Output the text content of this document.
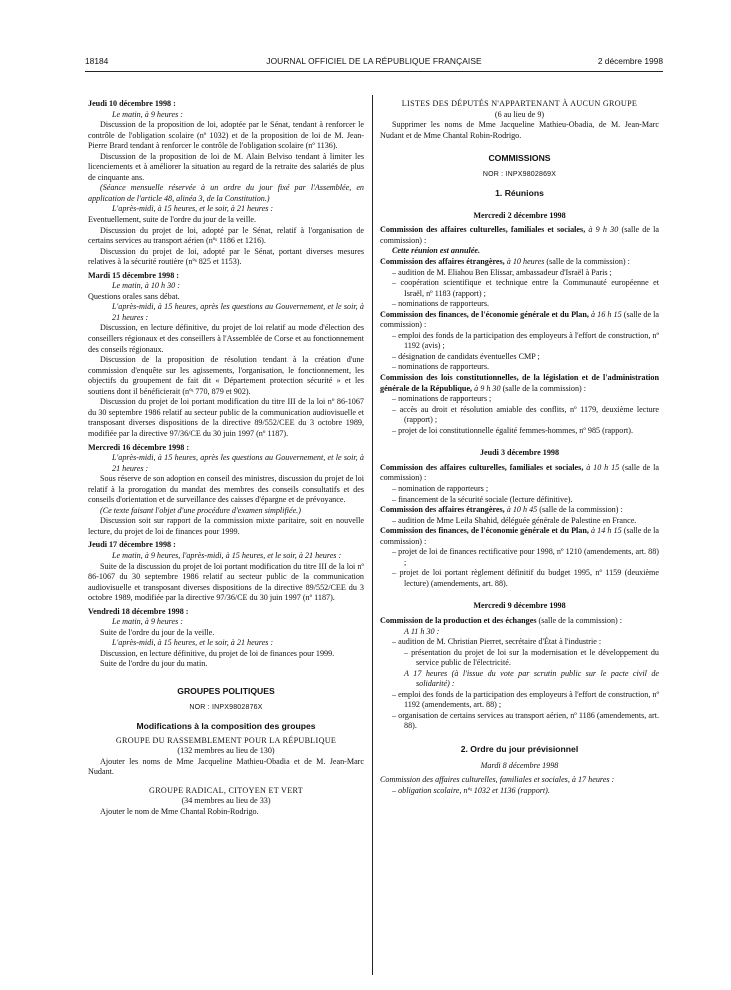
18184	JOURNAL OFFICIEL DE LA RÉPUBLIQUE FRANÇAISE	2 décembre 1998

Jeudi 10 décembre 1998 :

Le matin, à 9 heures :

Discussion de la proposition de loi, adoptée par le Sénat, tendant à renforcer le contrôle de l'obligation scolaire (nº 1032) et de la proposition de loi de M. Jean-Pierre Brard tendant à renforcer le contrôle de l'obligation scolaire (nº 1136).

Discussion de la proposition de loi de M. Alain Belviso tendant à limiter les licenciements et à améliorer la situation au regard de la retraite des salariés de plus de cinquante ans.

(Séance mensuelle réservée à un ordre du jour fixé par l'Assemblée, en application de l'article 48, alinéa 3, de la Constitution.)

L'après-midi, à 15 heures, et le soir, à 21 heures :

Eventuellement, suite de l'ordre du jour de la veille.

Discussion du projet de loi, adopté par le Sénat, relatif à l'organisation de certains services au transport aérien (nºˢ 1186 et 1216).

Discussion du projet de loi, adopté par le Sénat, portant diverses mesures relatives à la sécurité routière (nºˢ 825 et 1153).

Mardi 15 décembre 1998 :

Le matin, à 10 h 30 :

Questions orales sans débat.

L'après-midi, à 15 heures, après les questions au Gouvernement, et le soir, à 21 heures :

Discussion, en lecture définitive, du projet de loi relatif au mode d'élection des conseillers régionaux et des conseillers à l'Assemblée de Corse et au fonctionnement des conseils régionaux.

Discussion de la proposition de résolution tendant à la création d'une commission d'enquête sur les agissements, l'organisation, le fonctionnement, les objectifs du groupement de fait dit « Département protection sécurité » et les soutiens dont il bénéficierait (nºˢ 770, 879 et 902).

Discussion du projet de loi portant modification du titre III de la loi nº 86-1067 du 30 septembre 1986 relatif au secteur public de la communication audiovisuelle et transposant diverses dispositions de la directive 89/552/CEE du 3 octobre 1989, modifiée par la directive 97/36/CE du 30 juin 1997 (nº 1187).

Mercredi 16 décembre 1998 :

L'après-midi, à 15 heures, après les questions au Gouvernement, et le soir, à 21 heures :

Sous réserve de son adoption en conseil des ministres, discussion du projet de loi relatif à la prorogation du mandat des membres des conseils consultatifs et des conseils d'orientation et de surveillance des caisses d'épargne et de prévoyance.

(Ce texte faisant l'objet d'une procédure d'examen simplifiée.)

Discussion soit sur rapport de la commission mixte paritaire, soit en nouvelle lecture, du projet de loi de finances pour 1999.

Jeudi 17 décembre 1998 :

Le matin, à 9 heures, l'après-midi, à 15 heures, et le soir, à 21 heures :

Suite de la discussion du projet de loi portant modification du titre III de la loi nº 86-1067 du 30 septembre 1986 relatif au secteur public de la communication audiovisuelle et transposant diverses dispositions de la directive 89/552/CEE du 3 octobre 1989, modifiée par la directive 97/36/CE du 30 juin 1997 (nº 1187).

Vendredi 18 décembre 1998 :

Le matin, à 9 heures :

Suite de l'ordre du jour de la veille.

L'après-midi, à 15 heures, et le soir, à 21 heures :

Discussion, en lecture définitive, du projet de loi de finances pour 1999.

Suite de l'ordre du jour du matin.

GROUPES POLITIQUES

NOR : INPX9802876X

Modifications à la composition des groupes

GROUPE DU RASSEMBLEMENT POUR LA RÉPUBLIQUE

(132 membres au lieu de 130)

Ajouter les noms de Mme Jacqueline Mathieu-Obadia et de M. Jean-Marc Nudant.

GROUPE RADICAL, CITOYEN ET VERT

(34 membres au lieu de 33)

Ajouter le nom de Mme Chantal Robin-Rodrigo.

LISTES DES DÉPUTÉS N'APPARTENANT À AUCUN GROUPE

(6 au lieu de 9)

Supprimer les noms de Mme Jacqueline Mathieu-Obadia, de M. Jean-Marc Nudant et de Mme Chantal Robin-Rodrigo.

COMMISSIONS

NOR : INPX9802869X

1. Réunions

Mercredi 2 décembre 1998

Commission des affaires culturelles, familiales et sociales, à 9 h 30 (salle de la commission) :

Cette réunion est annulée.

Commission des affaires étrangères, à 10 heures (salle de la commission) :

– audition de M. Eliahou Ben Elissar, ambassadeur d'Israël à Paris ;

– coopération scientifique et technique entre la Communauté européenne et Israël, nº 1183 (rapport) ;

– nominations de rapporteurs.

Commission des finances, de l'économie générale et du Plan, à 16 h 15 (salle de la commission) :

– emploi des fonds de la participation des employeurs à l'effort de construction, nº 1192 (avis) ;

– désignation de candidats éventuelles CMP ;

– nominations de rapporteurs.

Commission des lois constitutionnelles, de la législation et de l'administration générale de la République, à 9 h 30 (salle de la commission) :

– nominations de rapporteurs ;

– accès au droit et résolution amiable des conflits, nº 1179, deuxième lecture (rapport) ;

– projet de loi constitutionnelle égalité femmes-hommes, nº 985 (rapport).

Jeudi 3 décembre 1998

Commission des affaires culturelles, familiales et sociales, à 10 h 15 (salle de la commission) :

– nomination de rapporteurs ;

– financement de la sécurité sociale (lecture définitive).

Commission des affaires étrangères, à 10 h 45 (salle de la commission) :

– audition de Mme Leila Shahid, déléguée générale de Palestine en France.

Commission des finances, de l'économie générale et du Plan, à 14 h 15 (salle de la commission) :

– projet de loi de finances rectificative pour 1998, nº 1210 (amendements, art. 88) ;

– projet de loi portant règlement définitif du budget 1995, nº 1159 (deuxième lecture) (amendements, art. 88).

Mercredi 9 décembre 1998

Commission de la production et des échanges (salle de la commission) :

A 11 h 30 :

– audition de M. Christian Pierret, secrétaire d'État à l'industrie :

– présentation du projet de loi sur la modernisation et le développement du service public de l'électricité.

A 17 heures (à l'issue du vote par scrutin public sur le pacte civil de solidarité) :

– emploi des fonds de la participation des employeurs à l'effort de construction, nº 1192 (amendements, art. 88) ;

– organisation de certains services au transport aérien, nº 1186 (amendements, art. 88).

2. Ordre du jour prévisionnel

Mardi 8 décembre 1998

Commission des affaires culturelles, familiales et sociales, à 17 heures :

– obligation scolaire, nºˢ 1032 et 1136 (rapport).
